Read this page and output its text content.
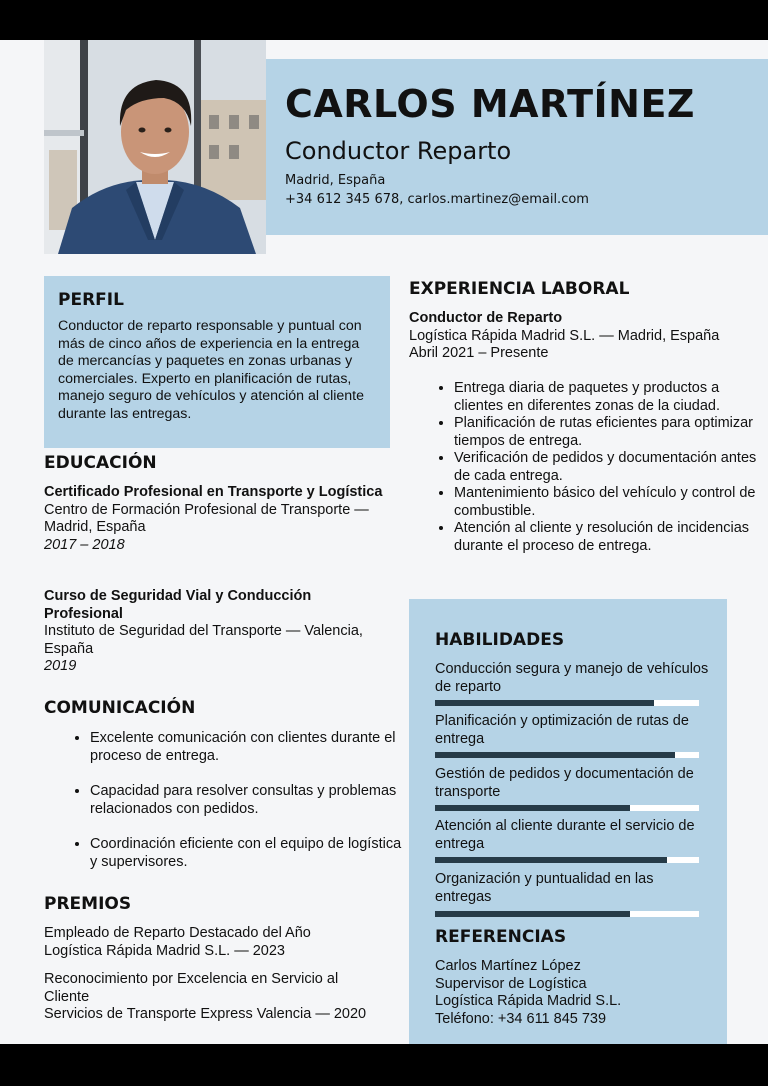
CARLOS MARTÍNEZ
Conductor Reparto
Madrid, España
+34 612 345 678, carlos.martinez@email.com
PERFIL
Conductor de reparto responsable y puntual con más de cinco años de experiencia en la entrega de mercancías y paquetes en zonas urbanas y comerciales. Experto en planificación de rutas, manejo seguro de vehículos y atención al cliente durante las entregas.
EDUCACIÓN
Certificado Profesional en Transporte y Logística
Centro de Formación Profesional de Transporte — Madrid, España
2017 – 2018
Curso de Seguridad Vial y Conducción Profesional
Instituto de Seguridad del Transporte — Valencia, España
2019
COMUNICACIÓN
• Excelente comunicación con clientes durante el proceso de entrega.
• Capacidad para resolver consultas y problemas relacionados con pedidos.
• Coordinación eficiente con el equipo de logística y supervisores.
PREMIOS
Empleado de Reparto Destacado del Año
Logística Rápida Madrid S.L. — 2023
Reconocimiento por Excelencia en Servicio al Cliente
Servicios de Transporte Express Valencia — 2020
EXPERIENCIA LABORAL
Conductor de Reparto
Logística Rápida Madrid S.L. — Madrid, España
Abril 2021 – Presente
• Entrega diaria de paquetes y productos a clientes en diferentes zonas de la ciudad.
• Planificación de rutas eficientes para optimizar tiempos de entrega.
• Verificación de pedidos y documentación antes de cada entrega.
• Mantenimiento básico del vehículo y control de combustible.
• Atención al cliente y resolución de incidencias durante el proceso de entrega.
HABILIDADES
Conducción segura y manejo de vehículos de reparto
Planificación y optimización de rutas de entrega
Gestión de pedidos y documentación de transporte
Atención al cliente durante el servicio de entrega
Organización y puntualidad en las entregas
REFERENCIAS
Carlos Martínez López
Supervisor de Logística
Logística Rápida Madrid S.L.
Teléfono: +34 611 845 739
